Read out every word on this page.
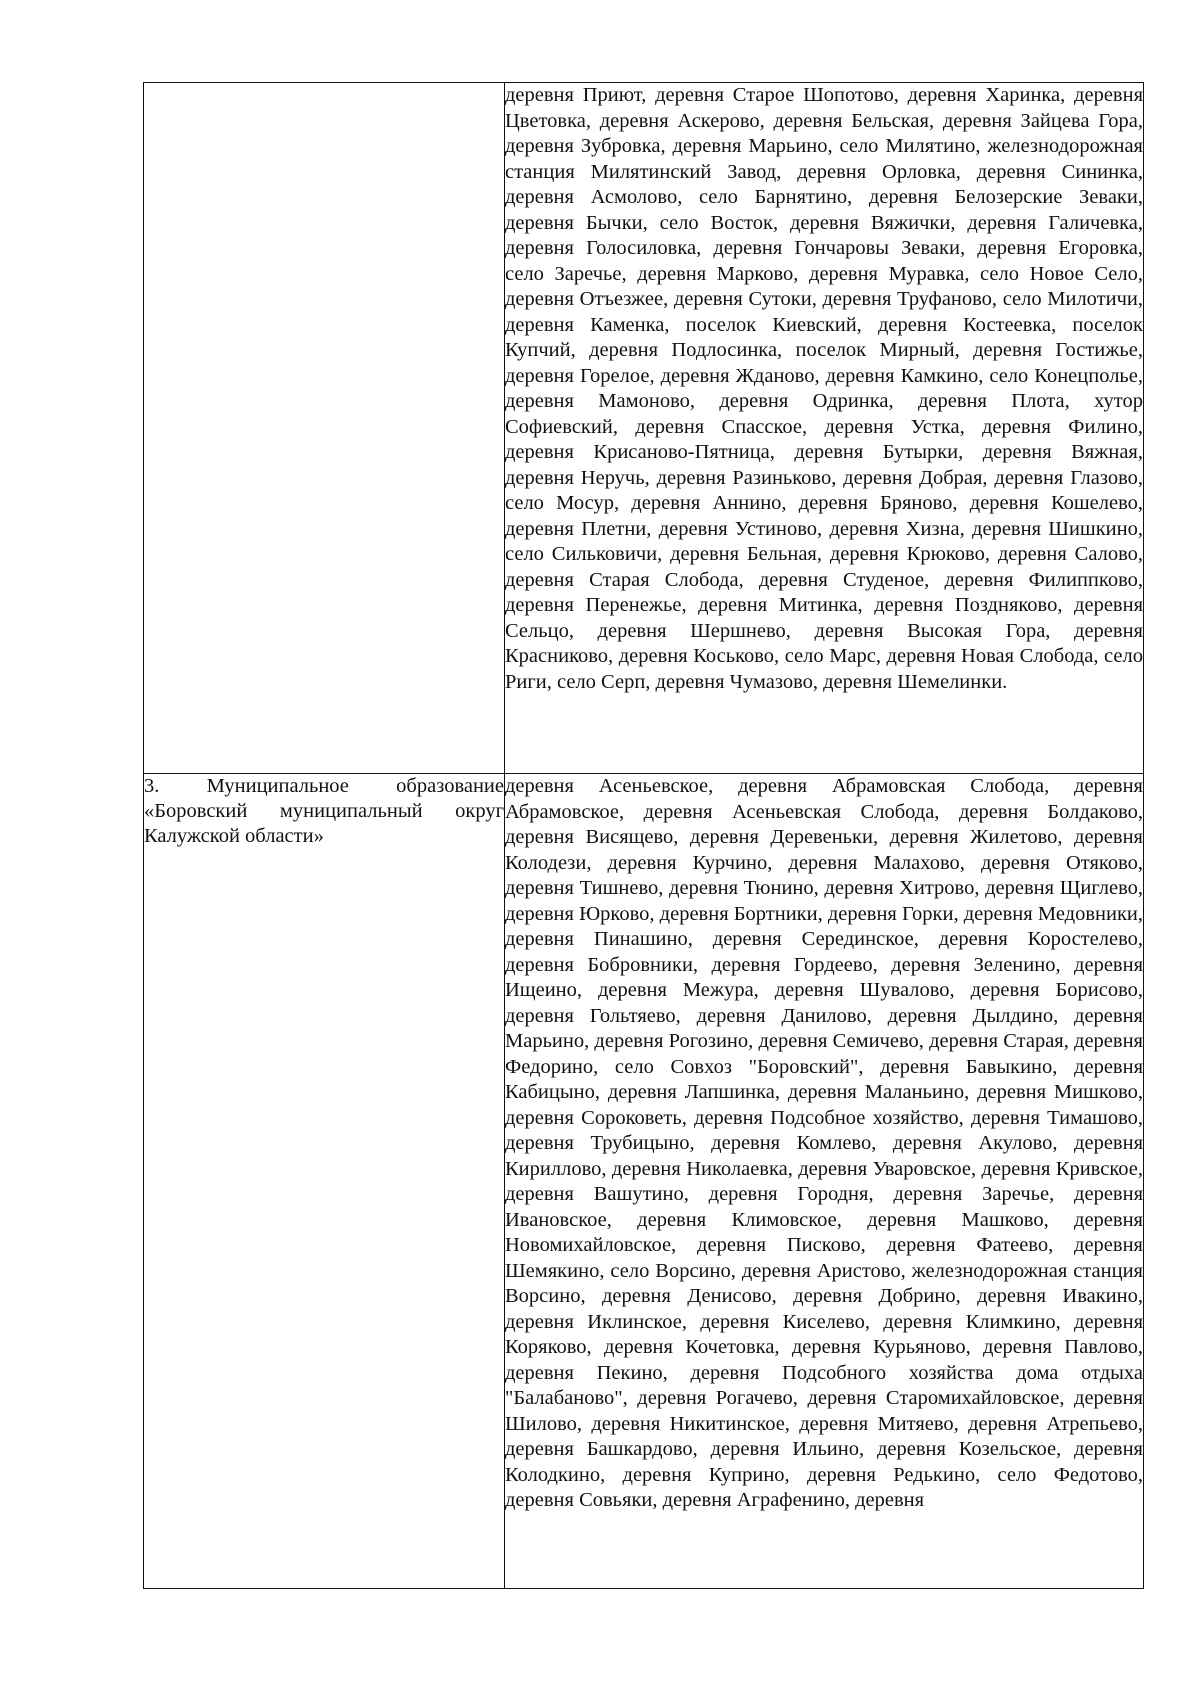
	деревня Приют, деревня Старое Шопотово, деревня Харинка, деревня Цветовка, деревня Аскерово, деревня Бельская, деревня Зайцева Гора, деревня Зубровка, деревня Марьино, село Милятино, железнодорожная станция Милятинский Завод, деревня Орловка, деревня Сининка, деревня Асмолово, село Барнятино, деревня Белозерские Зеваки, деревня Бычки, село Восток, деревня Вяжички, деревня Галичевка, деревня Голосиловка, деревня Гончаровы Зеваки, деревня Егоровка, село Заречье, деревня Марково, деревня Муравка, село Новое Село, деревня Отъезжее, деревня Сутоки, деревня Труфаново, село Милотичи, деревня Каменка, поселок Киевский, деревня Костеевка, поселок Купчий, деревня Подлосинка, поселок Мирный, деревня Гостижье, деревня Горелое, деревня Жданово, деревня Камкино, село Конецполье, деревня Мамоново, деревня Одринка, деревня Плота, хутор Софиевский, деревня Спасское, деревня Устка, деревня Филино, деревня Крисаново-Пятница, деревня Бутырки, деревня Вяжная, деревня Неручь, деревня Разиньково, деревня Добрая, деревня Глазово, село Мосур, деревня Аннино, деревня Бряново, деревня Кошелево, деревня Плетни, деревня Устиново, деревня Хизна, деревня Шишкино, село Сильковичи, деревня Бельная, деревня Крюково, деревня Салово, деревня Старая Слобода, деревня Студеное, деревня Филиппково, деревня Перенежье, деревня Митинка, деревня Поздняково, деревня Сельцо, деревня Шершнево, деревня Высокая Гора, деревня Красниково, деревня Коськово, село Марс, деревня Новая Слобода, село Риги, село Серп, деревня Чумазово, деревня Шемелинки.
3. Муниципальное образование «Боровский муниципальный округ Калужской области»	деревня Асеньевское, деревня Абрамовская Слобода, деревня Абрамовское, деревня Асеньевская Слобода, деревня Болдаково, деревня Висящево, деревня Деревеньки, деревня Жилетово, деревня Колодези, деревня Курчино, деревня Малахово, деревня Отяково, деревня Тишнево, деревня Тюнино, деревня Хитрово, деревня Щиглево, деревня Юрково, деревня Бортники, деревня Горки, деревня Медовники, деревня Пинашино, деревня Серединское, деревня Коростелево, деревня Бобровники, деревня Гордеево, деревня Зеленино, деревня Ищеино, деревня Межура, деревня Шувалово, деревня Борисово, деревня Гольтяево, деревня Данилово, деревня Дылдино, деревня Марьино, деревня Рогозино, деревня Семичево, деревня Старая, деревня Федорино, село Совхоз "Боровский", деревня Бавыкино, деревня Кабицыно, деревня Лапшинка, деревня Маланьино, деревня Мишково, деревня Сороковеть, деревня Подсобное хозяйство, деревня Тимашово, деревня Трубицыно, деревня Комлево, деревня Акулово, деревня Кириллово, деревня Николаевка, деревня Уваровское, деревня Кривское, деревня Вашутино, деревня Городня, деревня Заречье, деревня Ивановское, деревня Климовское, деревня Машково, деревня Новомихайловское, деревня Писково, деревня Фатеево, деревня Шемякино, село Ворсино, деревня Аристово, железнодорожная станция Ворсино, деревня Денисово, деревня Добрино, деревня Ивакино, деревня Иклинское, деревня Киселево, деревня Климкино, деревня Коряково, деревня Кочетовка, деревня Курьяново, деревня Павлово, деревня Пекино, деревня Подсобного хозяйства дома отдыха "Балабаново", деревня Рогачево, деревня Старомихайловское, деревня Шилово, деревня Никитинское, деревня Митяево, деревня Атрепьево, деревня Башкардово, деревня Ильино, деревня Козельское, деревня Колодкино, деревня Куприно, деревня Редькино, село Федотово, деревня Совьяки, деревня Аграфенино, деревня
